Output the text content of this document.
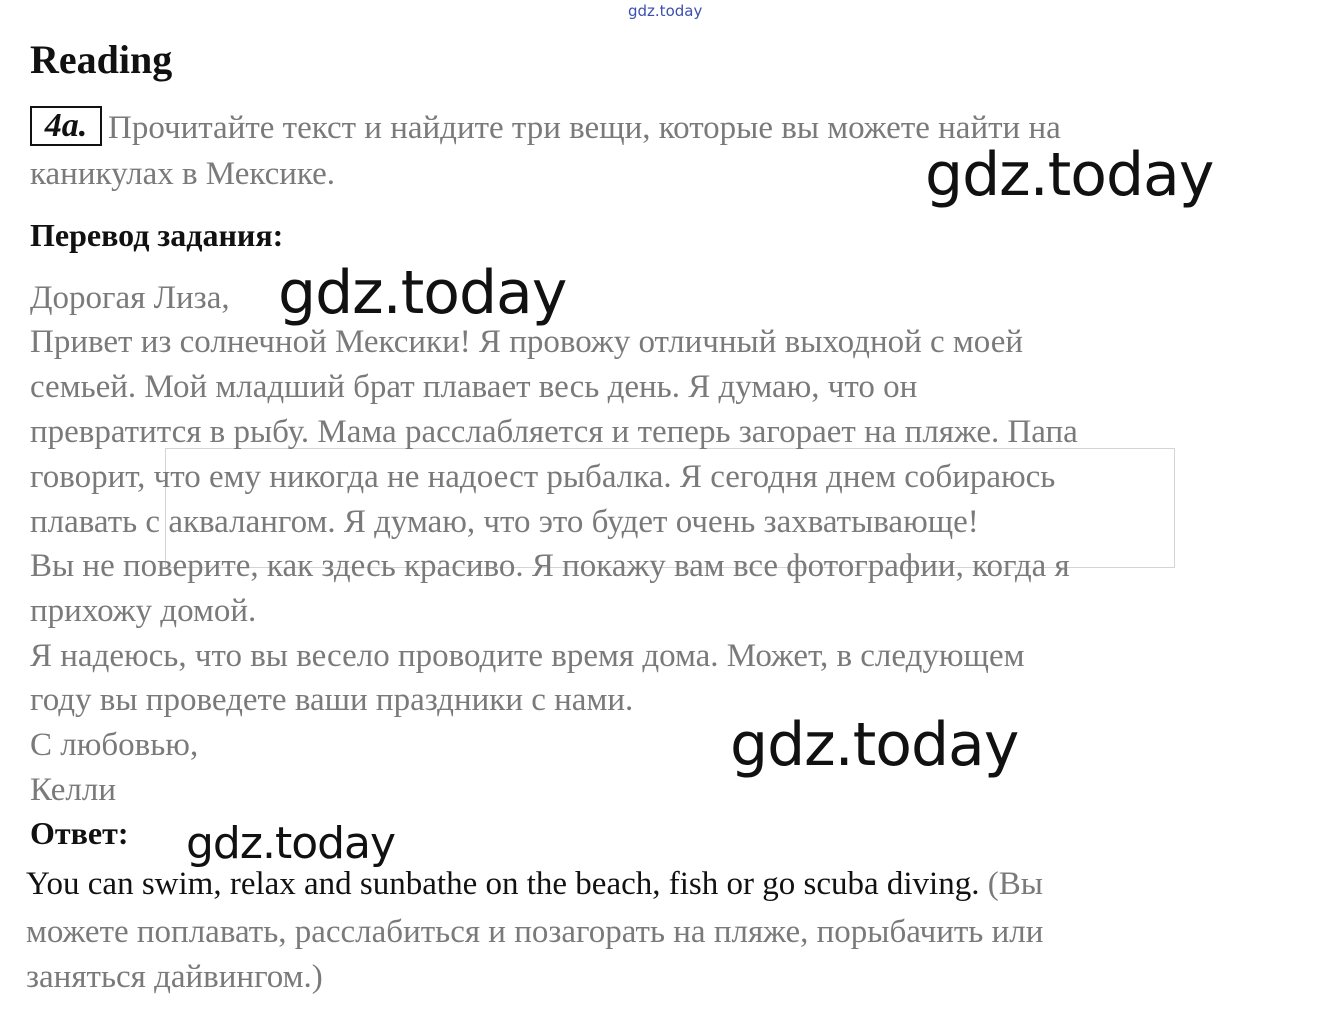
gdz.today
Reading
4a. Прочитайте текст и найдите три вещи, которые вы можете найти на
каникулах в Мексике.
Перевод задания:
Дорогая Лиза,
Привет из солнечной Мексики! Я провожу отличный выходной с моей
семьей. Мой младший брат плавает весь день. Я думаю, что он
превратится в рыбу. Мама расслабляется и теперь загорает на пляже. Папа
говорит, что ему никогда не надоест рыбалка. Я сегодня днем собираюсь
плавать с аквалангом. Я думаю, что это будет очень захватывающе!
Вы не поверите, как здесь красиво. Я покажу вам все фотографии, когда я
прихожу домой.
Я надеюсь, что вы весело проводите время дома. Может, в следующем
году вы проведете ваши праздники с нами.
С любовью,
Келли
Ответ:
You can swim, relax and sunbathe on the beach, fish or go scuba diving. (Вы
можете поплавать, расслабиться и позагорать на пляже, порыбачить или
заняться дайвингом.)
gdz.today
gdz.today
gdz.today
gdz.today
